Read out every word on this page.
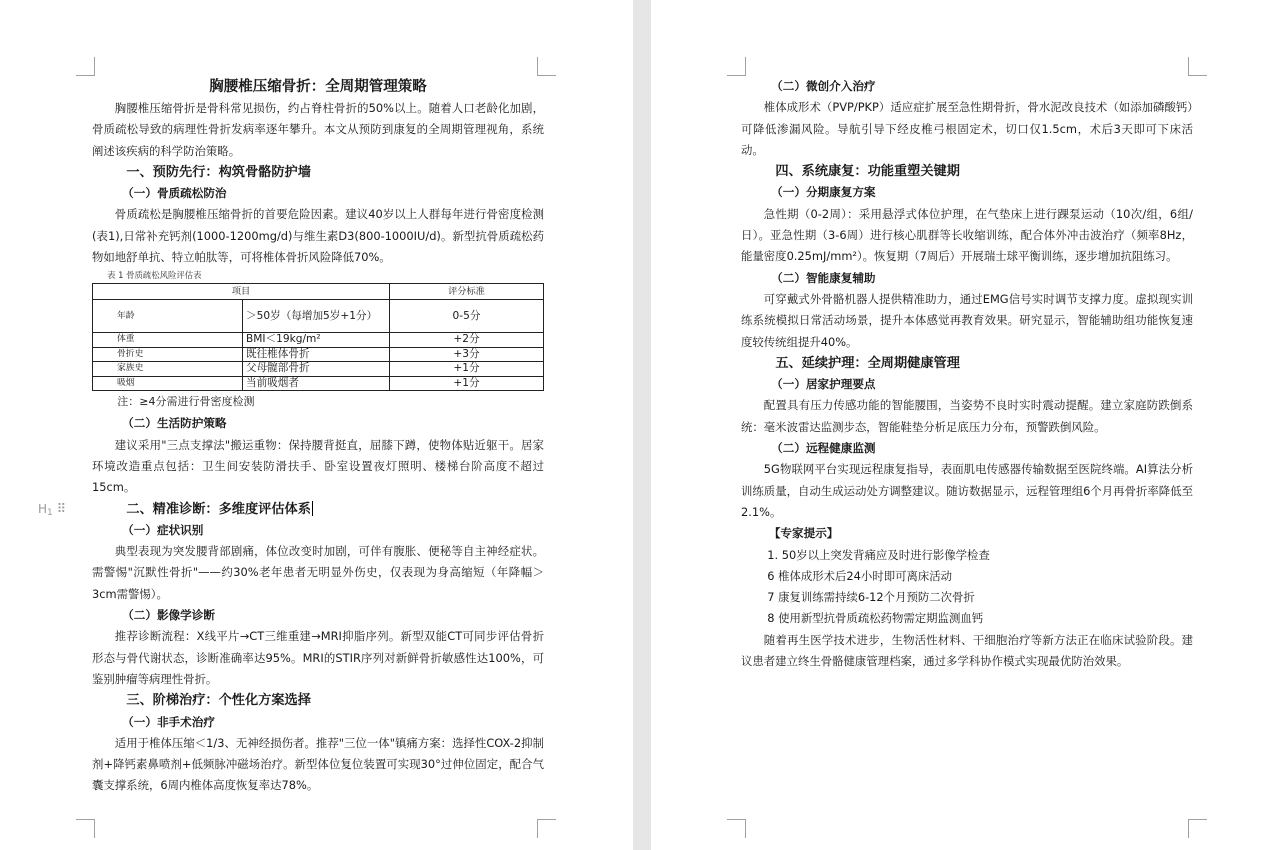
胸腰椎压缩骨折：全周期管理策略

胸腰椎压缩骨折是骨科常见损伤，约占脊柱骨折的50%以上。随着人口老龄化加剧，骨质疏松导致的病理性骨折发病率逐年攀升。本文从预防到康复的全周期管理视角，系统阐述该疾病的科学防治策略。

一、预防先行：构筑骨骼防护墙

（一）骨质疏松防治

骨质疏松是胸腰椎压缩骨折的首要危险因素。建议40岁以上人群每年进行骨密度检测(表1),日常补充钙剂(1000-1200mg/d)与维生素D3(800-1000IU/d)。新型抗骨质疏松药物如地舒单抗、特立帕肽等，可将椎体骨折风险降低70%。

表 1 骨质疏松风险评估表

项目		评分标准
年龄	＞50岁（每增加5岁+1分）	0-5分
体重	BMI＜19kg/m²	+2分
骨折史	既往椎体骨折	+3分
家族史	父母髋部骨折	+1分
吸烟	当前吸烟者	+1分

注：≥4分需进行骨密度检测

（二）生活防护策略

建议采用"三点支撑法"搬运重物：保持腰背挺直，屈膝下蹲，使物体贴近躯干。居家环境改造重点包括：卫生间安装防滑扶手、卧室设置夜灯照明、楼梯台阶高度不超过15cm。

H1 ⠿	二、精准诊断：多维度评估体系

（一）症状识别

典型表现为突发腰背部剧痛，体位改变时加剧，可伴有腹胀、便秘等自主神经症状。需警惕"沉默性骨折"——约30%老年患者无明显外伤史，仅表现为身高缩短（年降幅＞3cm需警惕）。

（二）影像学诊断

推荐诊断流程：X线平片→CT三维重建→MRI抑脂序列。新型双能CT可同步评估骨折形态与骨代谢状态，诊断准确率达95%。MRI的STIR序列对新鲜骨折敏感性达100%，可鉴别肿瘤等病理性骨折。

三、阶梯治疗：个性化方案选择

（一）非手术治疗

适用于椎体压缩＜1/3、无神经损伤者。推荐"三位一体"镇痛方案：选择性COX-2抑制剂+降钙素鼻喷剂+低频脉冲磁场治疗。新型体位复位装置可实现30°过伸位固定，配合气囊支撑系统，6周内椎体高度恢复率达78%。

（二）微创介入治疗

椎体成形术（PVP/PKP）适应症扩展至急性期骨折，骨水泥改良技术（如添加磷酸钙）可降低渗漏风险。导航引导下经皮椎弓根固定术，切口仅1.5cm，术后3天即可下床活动。

四、系统康复：功能重塑关键期

（一）分期康复方案

急性期（0-2周）：采用悬浮式体位护理，在气垫床上进行踝泵运动（10次/组，6组/日）。亚急性期（3-6周）进行核心肌群等长收缩训练，配合体外冲击波治疗（频率8Hz，能量密度0.25mJ/mm²）。恢复期（7周后）开展瑞士球平衡训练，逐步增加抗阻练习。

（二）智能康复辅助

可穿戴式外骨骼机器人提供精准助力，通过EMG信号实时调节支撑力度。虚拟现实训练系统模拟日常活动场景，提升本体感觉再教育效果。研究显示，智能辅助组功能恢复速度较传统组提升40%。

五、延续护理：全周期健康管理

（一）居家护理要点

配置具有压力传感功能的智能腰围，当姿势不良时实时震动提醒。建立家庭防跌倒系统：毫米波雷达监测步态，智能鞋垫分析足底压力分布，预警跌倒风险。

（二）远程健康监测

5G物联网平台实现远程康复指导，表面肌电传感器传输数据至医院终端。AI算法分析训练质量，自动生成运动处方调整建议。随访数据显示，远程管理组6个月再骨折率降低至2.1%。

【专家提示】

1. 50岁以上突发背痛应及时进行影像学检查

6 椎体成形术后24小时即可离床活动

7 康复训练需持续6-12个月预防二次骨折

8 使用新型抗骨质疏松药物需定期监测血钙

随着再生医学技术进步，生物活性材料、干细胞治疗等新方法正在临床试验阶段。建议患者建立终生骨骼健康管理档案，通过多学科协作模式实现最优防治效果。
